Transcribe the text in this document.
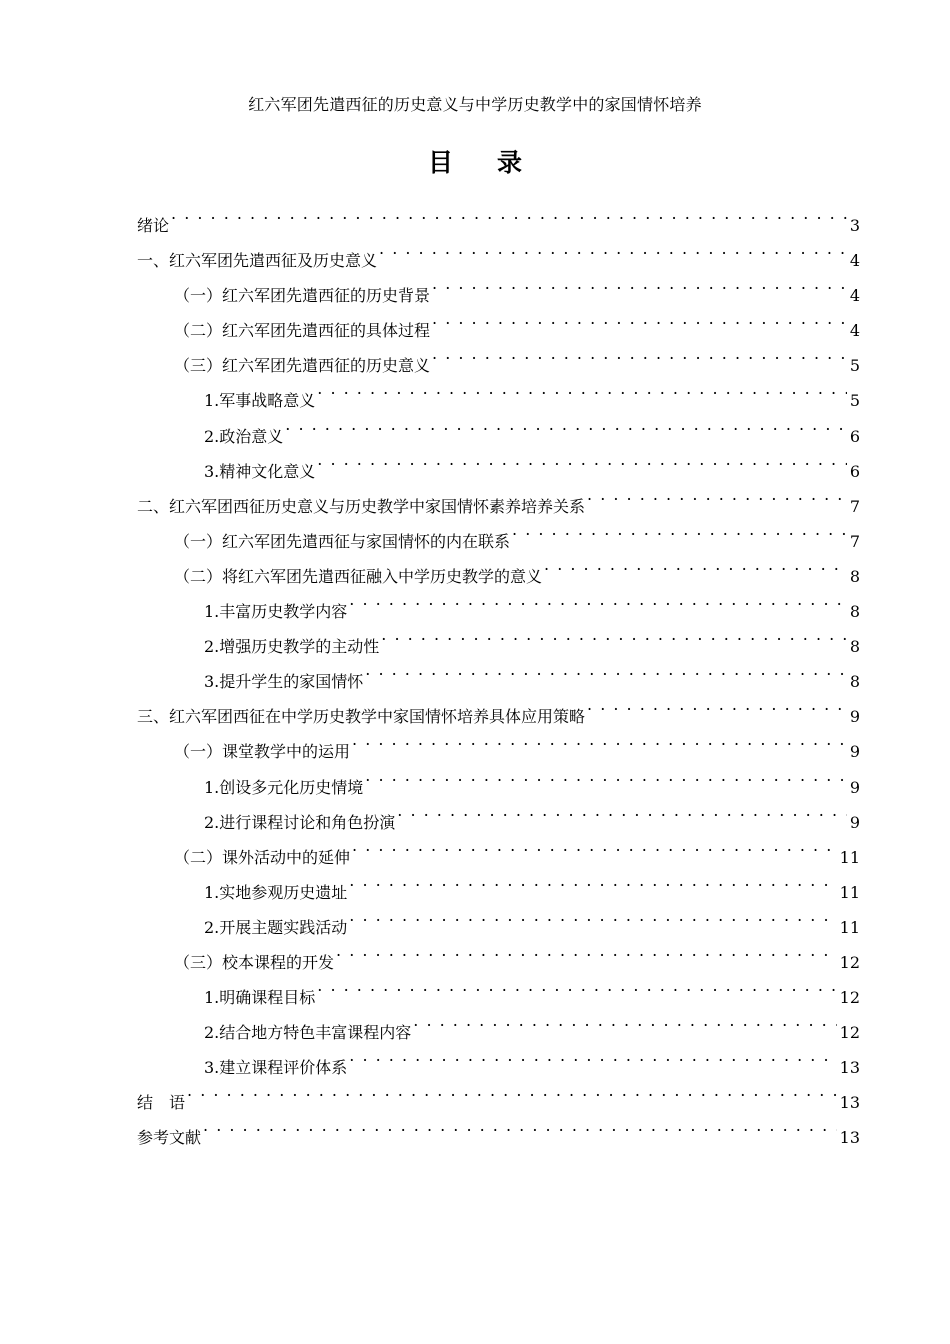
红六军团先遣西征的历史意义与中学历史教学中的家国情怀培养
目录
绪论 . . .	3
一、红六军团先遣西征及历史意义 . . .	4
（一）红六军团先遣西征的历史背景 . . .	4
（二）红六军团先遣西征的具体过程 . . .	4
（三）红六军团先遣西征的历史意义 . . .	5
1.军事战略意义 . . .	5
2.政治意义 . . .	6
3.精神文化意义 . . .	6
二、红六军团西征历史意义与历史教学中家国情怀素养培养关系 . . .	7
（一）红六军团先遣西征与家国情怀的内在联系 . . .	7
（二）将红六军团先遣西征融入中学历史教学的意义 . . .	8
1.丰富历史教学内容 . . .	8
2.增强历史教学的主动性 . . .	8
3.提升学生的家国情怀 . . .	8
三、红六军团西征在中学历史教学中家国情怀培养具体应用策略 . . .	9
（一）课堂教学中的运用 . . .	9
1.创设多元化历史情境 . . .	9
2.进行课程讨论和角色扮演 . . .	9
（二）课外活动中的延伸 . . .	11
1.实地参观历史遗址 . . .	11
2.开展主题实践活动 . . .	11
（三）校本课程的开发 . . .	12
1.明确课程目标 . . .	12
2.结合地方特色丰富课程内容 . . .	12
3.建立课程评价体系 . . .	13
结　语 . . .	13
参考文献 . . .	13
